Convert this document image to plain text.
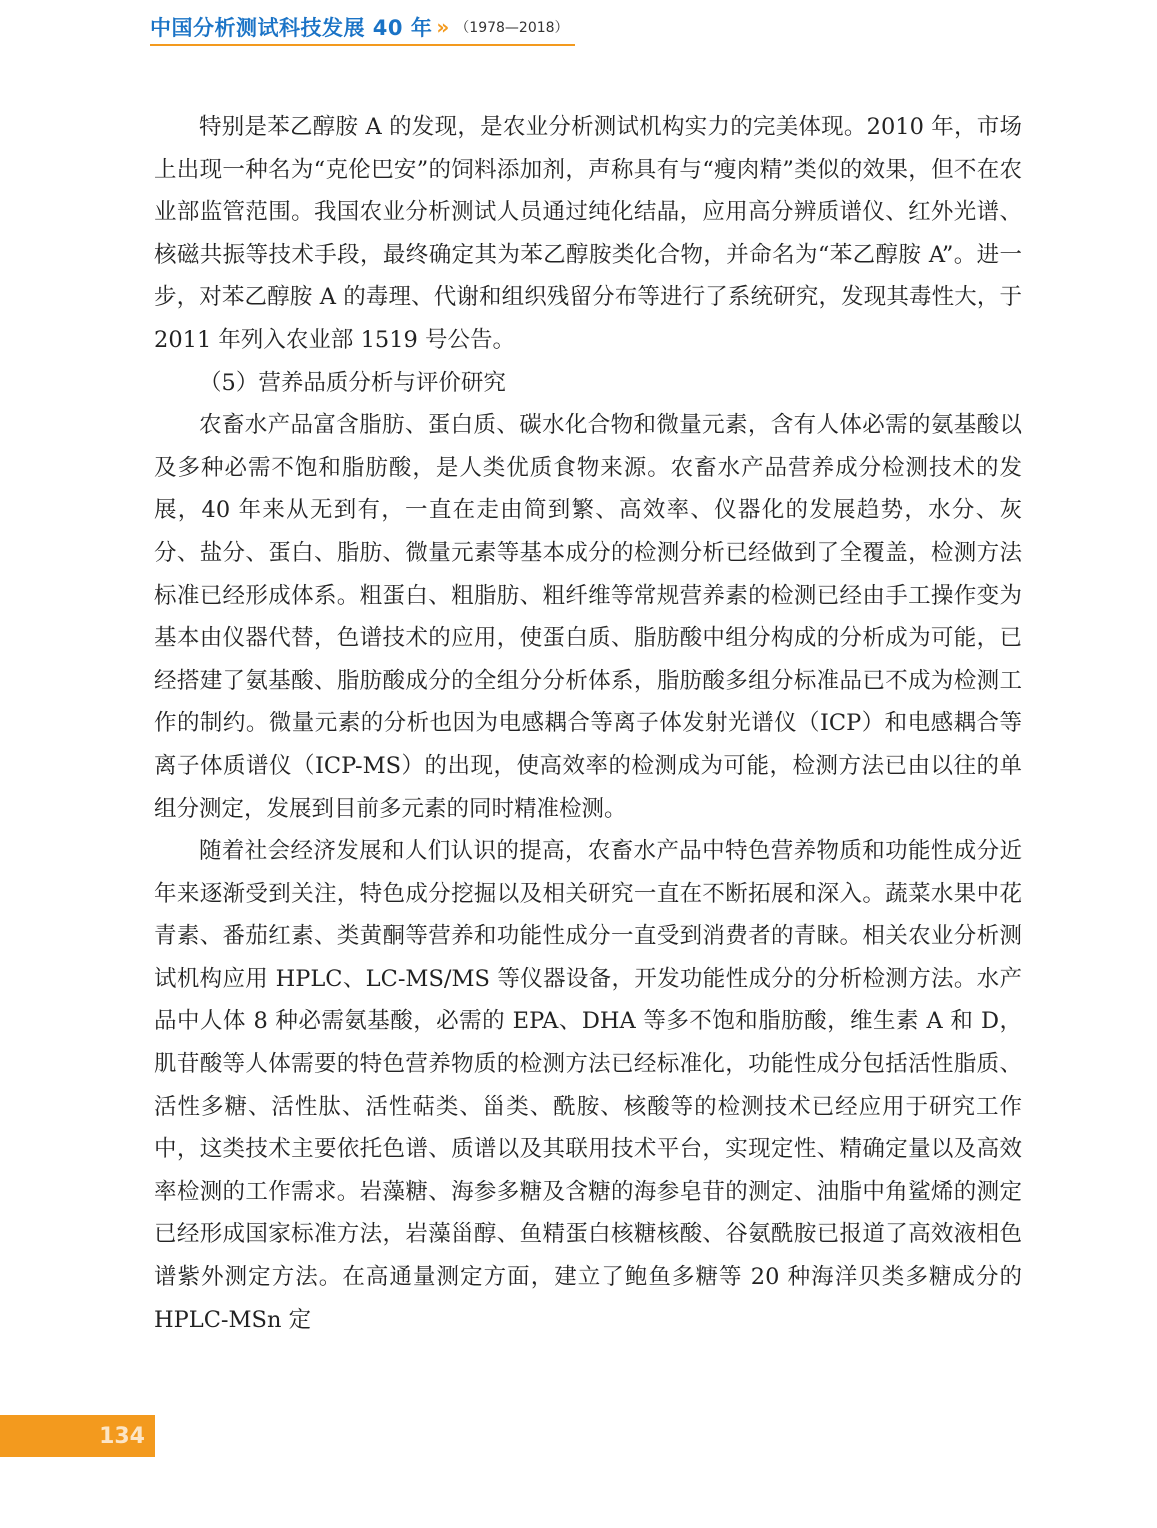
中国分析测试科技发展 40 年 » （1978—2018）

特别是苯乙醇胺 A 的发现，是农业分析测试机构实力的完美体现。2010 年，市场上出现一种名为“克伦巴安”的饲料添加剂，声称具有与“瘦肉精”类似的效果，但不在农业部监管范围。我国农业分析测试人员通过纯化结晶，应用高分辨质谱仪、红外光谱、核磁共振等技术手段，最终确定其为苯乙醇胺类化合物，并命名为“苯乙醇胺 A”。进一步，对苯乙醇胺 A 的毒理、代谢和组织残留分布等进行了系统研究，发现其毒性大，于 2011 年列入农业部 1519 号公告。

（5）营养品质分析与评价研究

农畜水产品富含脂肪、蛋白质、碳水化合物和微量元素，含有人体必需的氨基酸以及多种必需不饱和脂肪酸，是人类优质食物来源。农畜水产品营养成分检测技术的发展，40 年来从无到有，一直在走由简到繁、高效率、仪器化的发展趋势，水分、灰分、盐分、蛋白、脂肪、微量元素等基本成分的检测分析已经做到了全覆盖，检测方法标准已经形成体系。粗蛋白、粗脂肪、粗纤维等常规营养素的检测已经由手工操作变为基本由仪器代替，色谱技术的应用，使蛋白质、脂肪酸中组分构成的分析成为可能，已经搭建了氨基酸、脂肪酸成分的全组分分析体系，脂肪酸多组分标准品已不成为检测工作的制约。微量元素的分析也因为电感耦合等离子体发射光谱仪（ICP）和电感耦合等离子体质谱仪（ICP-MS）的出现，使高效率的检测成为可能，检测方法已由以往的单组分测定，发展到目前多元素的同时精准检测。

随着社会经济发展和人们认识的提高，农畜水产品中特色营养物质和功能性成分近年来逐渐受到关注，特色成分挖掘以及相关研究一直在不断拓展和深入。蔬菜水果中花青素、番茄红素、类黄酮等营养和功能性成分一直受到消费者的青睐。相关农业分析测试机构应用 HPLC、LC-MS/MS 等仪器设备，开发功能性成分的分析检测方法。水产品中人体 8 种必需氨基酸，必需的 EPA、DHA 等多不饱和脂肪酸，维生素 A 和 D，肌苷酸等人体需要的特色营养物质的检测方法已经标准化，功能性成分包括活性脂质、活性多糖、活性肽、活性萜类、甾类、酰胺、核酸等的检测技术已经应用于研究工作中，这类技术主要依托色谱、质谱以及其联用技术平台，实现定性、精确定量以及高效率检测的工作需求。岩藻糖、海参多糖及含糖的海参皂苷的测定、油脂中角鲨烯的测定已经形成国家标准方法，岩藻甾醇、鱼精蛋白核糖核酸、谷氨酰胺已报道了高效液相色谱紫外测定方法。在高通量测定方面，建立了鲍鱼多糖等 20 种海洋贝类多糖成分的 HPLC-MSn 定

134
